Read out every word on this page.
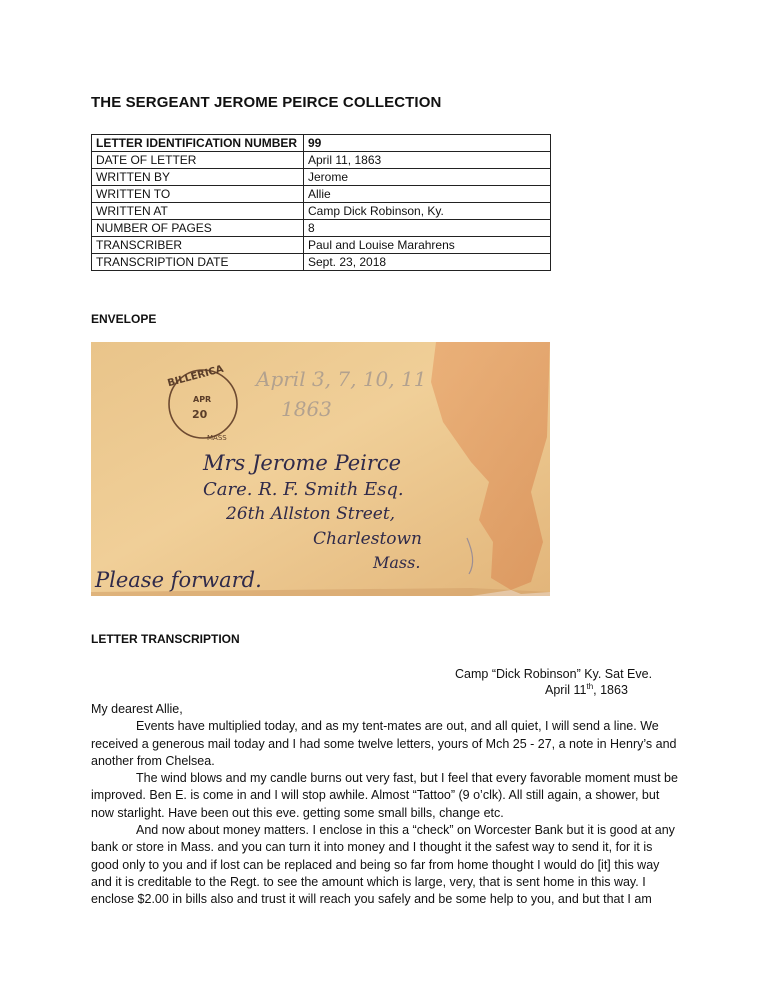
THE SERGEANT JEROME PEIRCE COLLECTION
LETTER IDENTIFICATION NUMBER	99
DATE OF LETTER	April 11, 1863
WRITTEN BY	Jerome
WRITTEN TO	Allie
WRITTEN AT	Camp Dick Robinson, Ky.
NUMBER OF PAGES	8
TRANSCRIBER	Paul and Louise Marahrens
TRANSCRIPTION DATE	Sept. 23, 2018
ENVELOPE
BILLERICA
APR
20
MASS
April 3, 7, 10, 11
1863
Mrs Jerome Peirce
Care. R. F. Smith Esq.
26th Allston Street,
Charlestown
Mass.
Please forward.
LETTER TRANSCRIPTION
Camp “Dick Robinson” Ky. Sat Eve.
April 11th, 1863

My dearest Allie,

Events have multiplied today, and as my tent-mates are out, and all quiet, I will send a line. We received a generous mail today and I had some twelve letters, yours of Mch 25 - 27, a note in Henry’s and another from Chelsea.

The wind blows and my candle burns out very fast, but I feel that every favorable moment must be improved. Ben E. is come in and I will stop awhile. Almost “Tattoo” (9 o’clk). All still again, a shower, but now starlight. Have been out this eve. getting some small bills, change etc.

And now about money matters. I enclose in this a “check” on Worcester Bank but it is good at any bank or store in Mass. and you can turn it into money and I thought it the safest way to send it, for it is good only to you and if lost can be replaced and being so far from home thought I would do [it] this way and it is creditable to the Regt. to see the amount which is large, very, that is sent home in this way. I enclose $2.00 in bills also and trust it will reach you safely and be some help to you, and but that I am
